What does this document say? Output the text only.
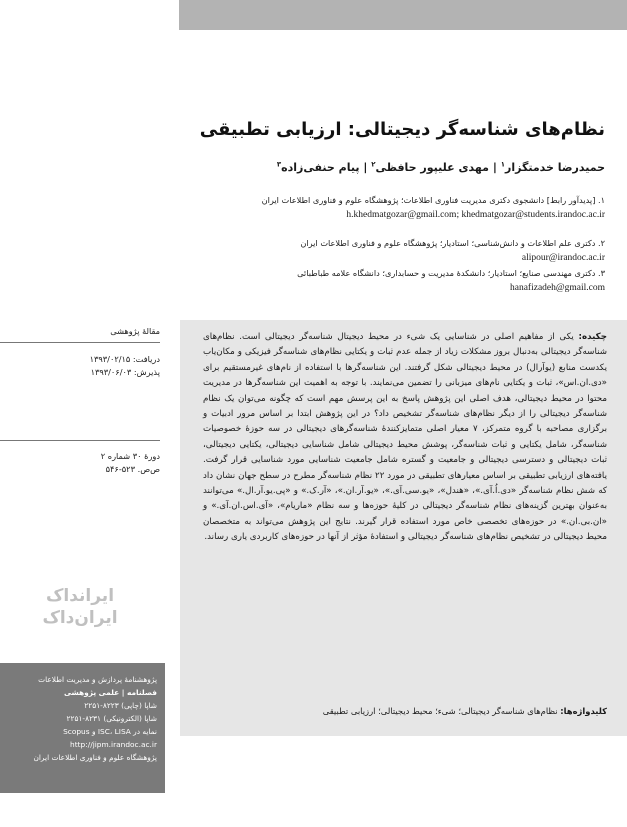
نظام‌های شناسه‌گر دیجیتالی: ارزیابی تطبیقی
حمیدرضا خدمتگزار$^۱$ | مهدی علیپور حافظی$^۲$ | پیام حنفی‌زاده$^۳$
۱. [پدیدآور رابط] دانشجوی دکتری مدیریت فناوری اطلاعات؛ پژوهشگاه علوم و فناوری اطلاعات ایران
h.khedmatgozar@gmail.com; khedmatgozar@students.irandoc.ac.ir
۲. دکتری علم اطلاعات و دانش‌شناسی؛ استادیار؛ پژوهشگاه علوم و فناوری اطلاعات ایران
alipour@irandoc.ac.ir
۳. دکتری مهندسی صنایع؛ استادیار؛ دانشکدهٔ مدیریت و حسابداری؛ دانشگاه علامه طباطبائی
hanafizadeh@gmail.com
چکیده: یکی از مفاهیم اصلی در شناسایی یک شیء در محیط دیجیتال شناسه‌گر دیجیتالی است. نظام‌های شناسه‌گر دیجیتالی به‌دنبال بروز مشکلات زیاد از جمله عدم ثبات و یکتایی نظام‌های شناسه‌گر فیزیکی و مکان‌یاب یکدست منابع (یوآرال) در محیط دیجیتالی شکل گرفتند. این شناسه‌گرها با استفاده از نام‌های غیرمستقیم برای «دی.ان.اس»، ثبات و یکتایی نام‌های میزبانی را تضمین می‌نمایند. با توجه به اهمیت این شناسه‌گرها در مدیریت محتوا در محیط دیجیتالی، هدف اصلی این پژوهش پاسخ به این پرسش مهم است که چگونه می‌توان یک نظام شناسه‌گر دیجیتالی را از دیگر نظام‌های شناسه‌گر تشخیص داد؟ در این پژوهش ابتدا بر اساس مرور ادبیات و برگزاری مصاحبه با گروه متمرکز، ۷ معیار اصلی متمایزکنندهٔ شناسه‌گرهای دیجیتالی در سه حوزهٔ خصوصیات شناسه‌گر، شامل یکتایی و ثبات شناسه‌گر، پوشش محیط دیجیتالی شامل شناسایی دیجیتالی، یکتایی دیجیتالی، ثبات دیجیتالی و دسترسی دیجیتالی و جامعیت و گستره شامل جامعیت شناسایی مورد شناسایی قرار گرفت. یافته‌های ارزیابی تطبیقی بر اساس معیارهای تطبیقی در مورد ۲۲ نظام شناسه‌گر مطرح در سطح جهان نشان داد که شش نظام شناسه‌گر «دی.اُ.آی.»، «هندل»، «یو.سی.آی.»، «یو.آر.ان.»، «آر.ک.» و «پی.یو.آر.ال.» می‌توانند به‌عنوان بهترین گزینه‌های نظام شناسه‌گر دیجیتالی در کلیهٔ حوزه‌ها و سه نظام «ماریام»، «آی.اس.ان.آی.» و «ان.بی.ان.» در حوزه‌های تخصصی خاص مورد استفاده قرار گیرند. نتایج این پژوهش می‌تواند به متخصصان محیط دیجیتالی در تشخیص نظام‌های شناسه‌گر دیجیتالی و استفادهٔ مؤثر از آنها در حوزه‌های کاربردی یاری رساند.
کلیدواژه‌ها: نظام‌های شناسه‌گر دیجیتالی؛ شیء؛ محیط دیجیتالی؛ ارزیابی تطبیقی
مقالهٔ پژوهشی
دریافت: ۱۳۹۳/۰۲/۱۵
پذیرش: ۱۳۹۳/۰۶/۰۳
دورهٔ ۳۰ شماره ۲
ص‌ص. ۵۲۳-۵۴۶
ایرانداک
ایران‌داک
پژوهشنامهٔ پردازش و مدیریت اطلاعات
فصلنامه | علمی پژوهشی
شاپا (چاپی) ۸۲۲۳-۲۲۵۱
شاپا (الکترونیکی) ۸۲۳۱-۲۲۵۱
نمایه در ISC، LISA و Scopus
http://jipm.irandoc.ac.ir
پژوهشگاه علوم و فناوری اطلاعات ایران
